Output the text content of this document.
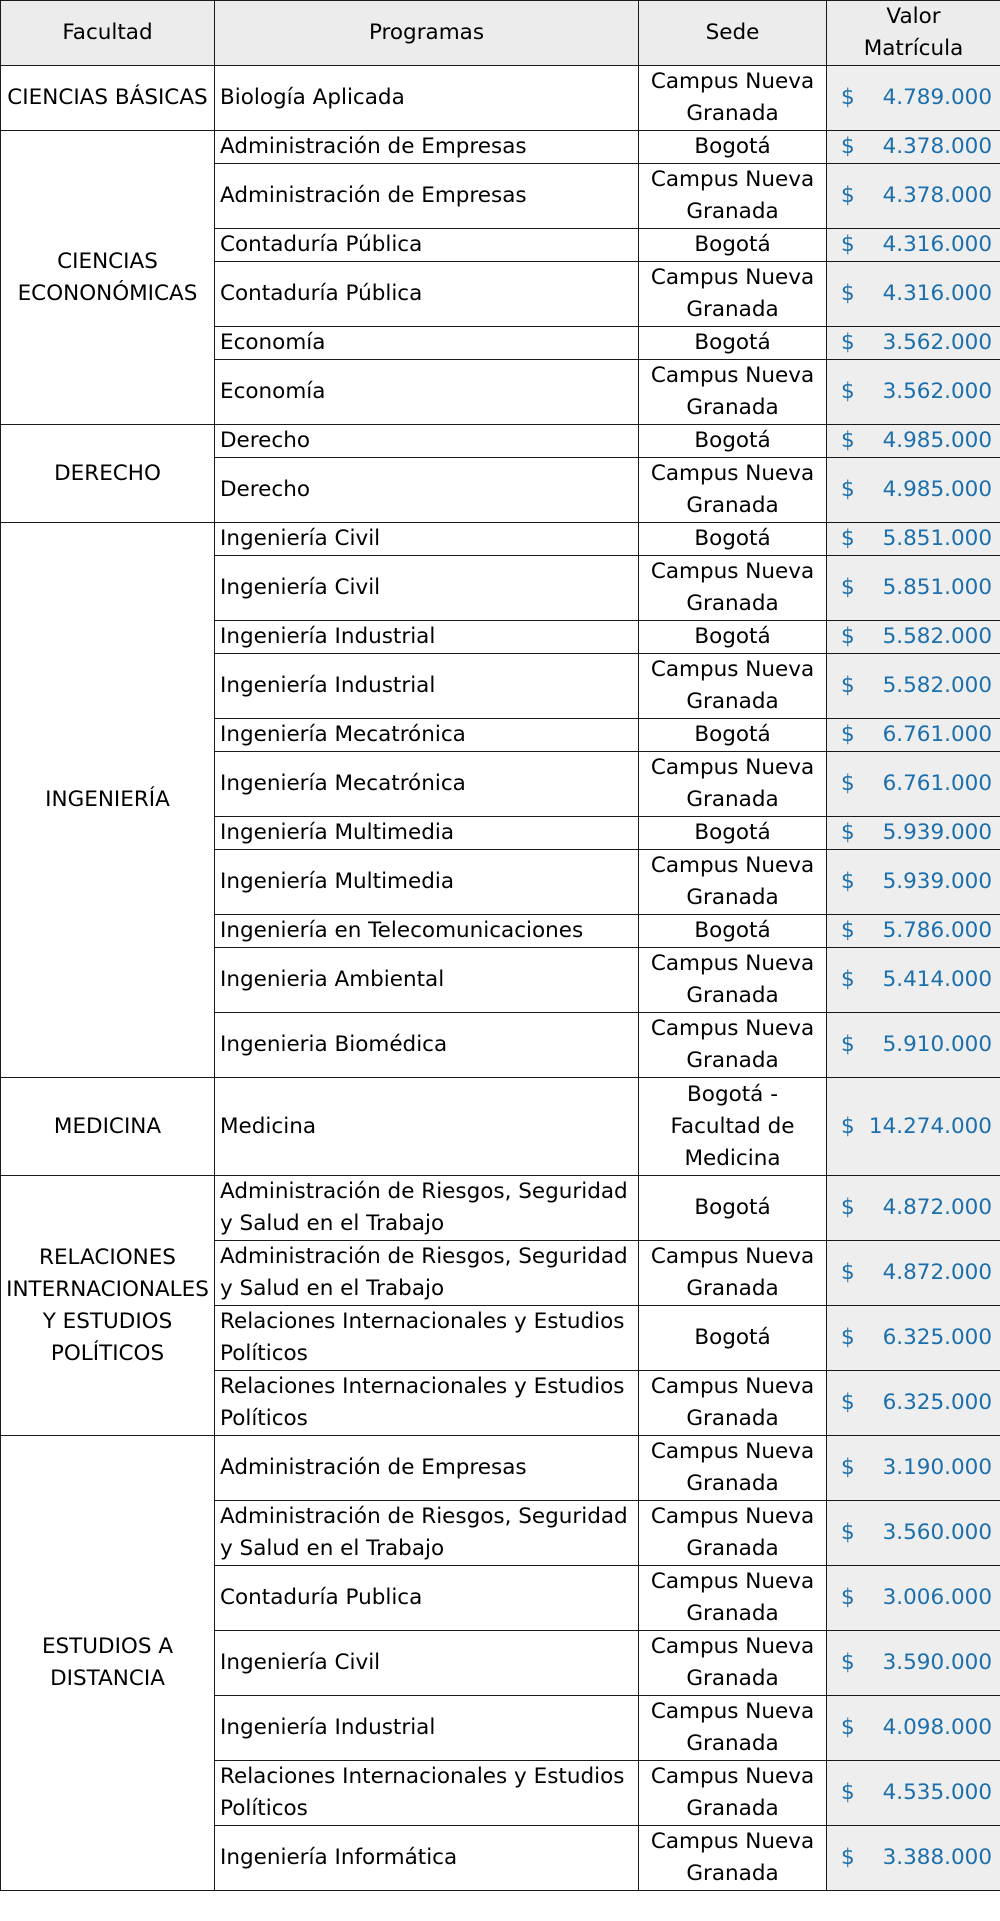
Facultad	Programas	Sede	Valor
Matrícula

CIENCIAS BÁSICAS	Biología Aplicada	Campus Nueva Granada	$ 4.789.000

CIENCIAS ECONONÓMICAS	Administración de Empresas	Bogotá	$ 4.378.000

	Administración de Empresas	Campus Nueva Granada	$ 4.378.000

	Contaduría Pública	Bogotá	$ 4.316.000

	Contaduría Pública	Campus Nueva Granada	$ 4.316.000

	Economía	Bogotá	$ 3.562.000

	Economía	Campus Nueva Granada	$ 3.562.000

DERECHO	Derecho	Bogotá	$ 4.985.000

	Derecho	Campus Nueva Granada	$ 4.985.000

INGENIERÍA	Ingeniería Civil	Bogotá	$ 5.851.000

	Ingeniería Civil	Campus Nueva Granada	$ 5.851.000

	Ingeniería Industrial	Bogotá	$ 5.582.000

	Ingeniería Industrial	Campus Nueva Granada	$ 5.582.000

	Ingeniería Mecatrónica	Bogotá	$ 6.761.000

	Ingeniería Mecatrónica	Campus Nueva Granada	$ 6.761.000

	Ingeniería Multimedia	Bogotá	$ 5.939.000

	Ingeniería Multimedia	Campus Nueva Granada	$ 5.939.000

	Ingeniería en Telecomunicaciones	Bogotá	$ 5.786.000

	Ingenieria Ambiental	Campus Nueva Granada	$ 5.414.000

	Ingenieria Biomédica	Campus Nueva Granada	$ 5.910.000

MEDICINA	Medicina	Bogotá - Facultad de Medicina	$ 14.274.000

RELACIONES INTERNACIONALES Y ESTUDIOS POLÍTICOS	Administración de Riesgos, Seguridad y Salud en el Trabajo	Bogotá	$ 4.872.000

	Administración de Riesgos, Seguridad y Salud en el Trabajo	Campus Nueva Granada	$ 4.872.000

	Relaciones Internacionales y Estudios Políticos	Bogotá	$ 6.325.000

	Relaciones Internacionales y Estudios Políticos	Campus Nueva Granada	$ 6.325.000

ESTUDIOS A DISTANCIA	Administración de Empresas	Campus Nueva Granada	$ 3.190.000

	Administración de Riesgos, Seguridad y Salud en el Trabajo	Campus Nueva Granada	$ 3.560.000

	Contaduría Publica	Campus Nueva Granada	$ 3.006.000

	Ingeniería Civil	Campus Nueva Granada	$ 3.590.000

	Ingeniería Industrial	Campus Nueva Granada	$ 4.098.000

	Relaciones Internacionales y Estudios Políticos	Campus Nueva Granada	$ 4.535.000

	Ingeniería Informática	Campus Nueva Granada	$ 3.388.000
